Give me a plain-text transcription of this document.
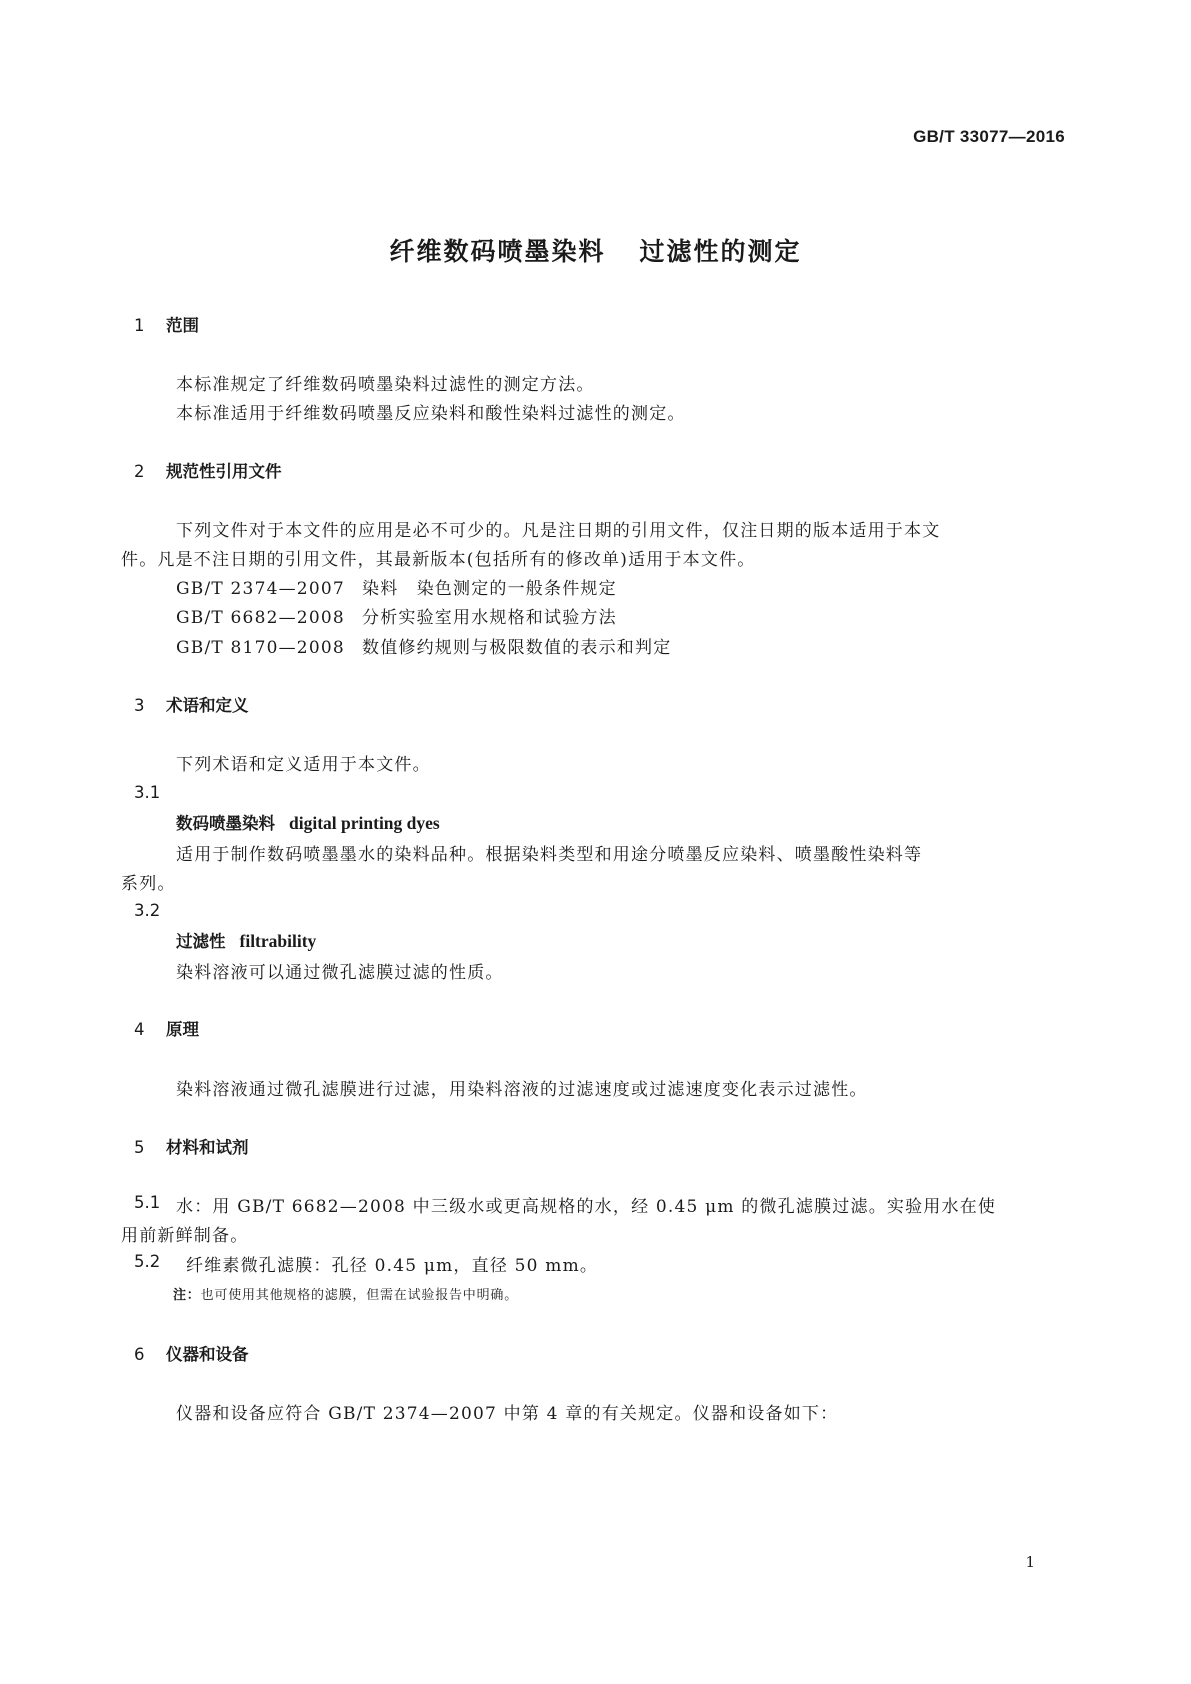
GB/T 33077—2016
纤维数码喷墨染料 过滤性的测定
1 范围
本标准规定了纤维数码喷墨染料过滤性的测定方法。
本标准适用于纤维数码喷墨反应染料和酸性染料过滤性的测定。
2 规范性引用文件
下列文件对于本文件的应用是必不可少的。凡是注日期的引用文件，仅注日期的版本适用于本文
件。凡是不注日期的引用文件，其最新版本(包括所有的修改单)适用于本文件。
GB/T 2374—2007 染料　染色测定的一般条件规定
GB/T 6682—2008 分析实验室用水规格和试验方法
GB/T 8170—2008 数值修约规则与极限数值的表示和判定
3 术语和定义
下列术语和定义适用于本文件。
3.1
数码喷墨染料 digital printing dyes
适用于制作数码喷墨墨水的染料品种。根据染料类型和用途分喷墨反应染料、喷墨酸性染料等
系列。
3.2
过滤性 filtrability
染料溶液可以通过微孔滤膜过滤的性质。
4 原理
染料溶液通过微孔滤膜进行过滤，用染料溶液的过滤速度或过滤速度变化表示过滤性。
5 材料和试剂
5.1 水：用 GB/T 6682—2008 中三级水或更高规格的水，经 0.45 μm 的微孔滤膜过滤。实验用水在使
用前新鲜制备。
5.2 纤维素微孔滤膜：孔径 0.45 μm，直径 50 mm。
注：也可使用其他规格的滤膜，但需在试验报告中明确。
6 仪器和设备
仪器和设备应符合 GB/T 2374—2007 中第 4 章的有关规定。仪器和设备如下：
1
